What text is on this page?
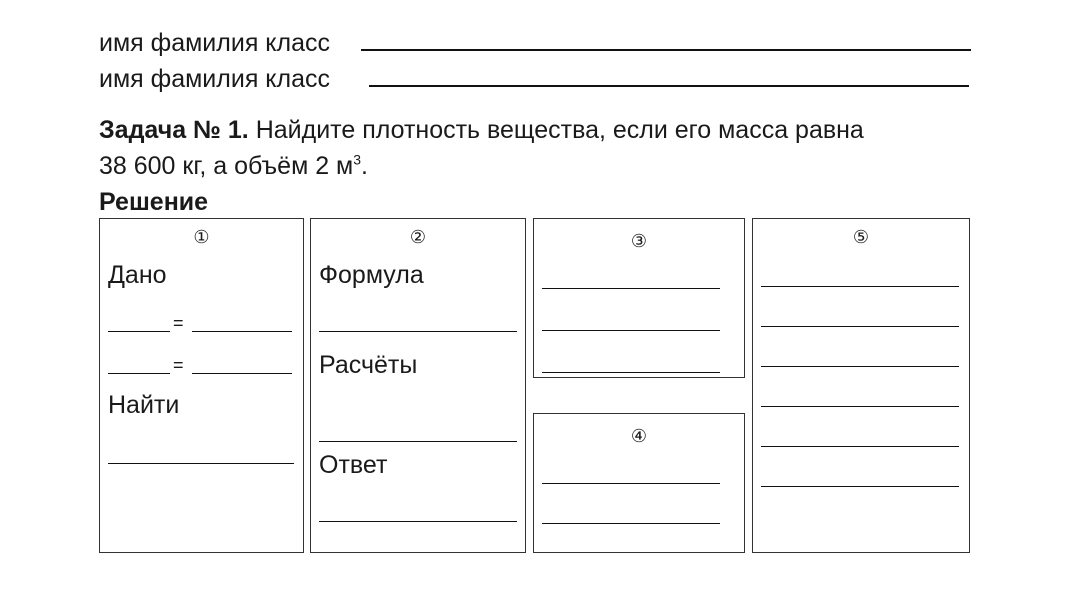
имя фамилия класс
имя фамилия класс
Задача № 1. Найдите плотность вещества, если его масса равна
38 600 кг, а объём 2 $м^3$.
Решение
①
Дано
=
=
Найти
②
Формула
Расчёты
Ответ
③
④
⑤
